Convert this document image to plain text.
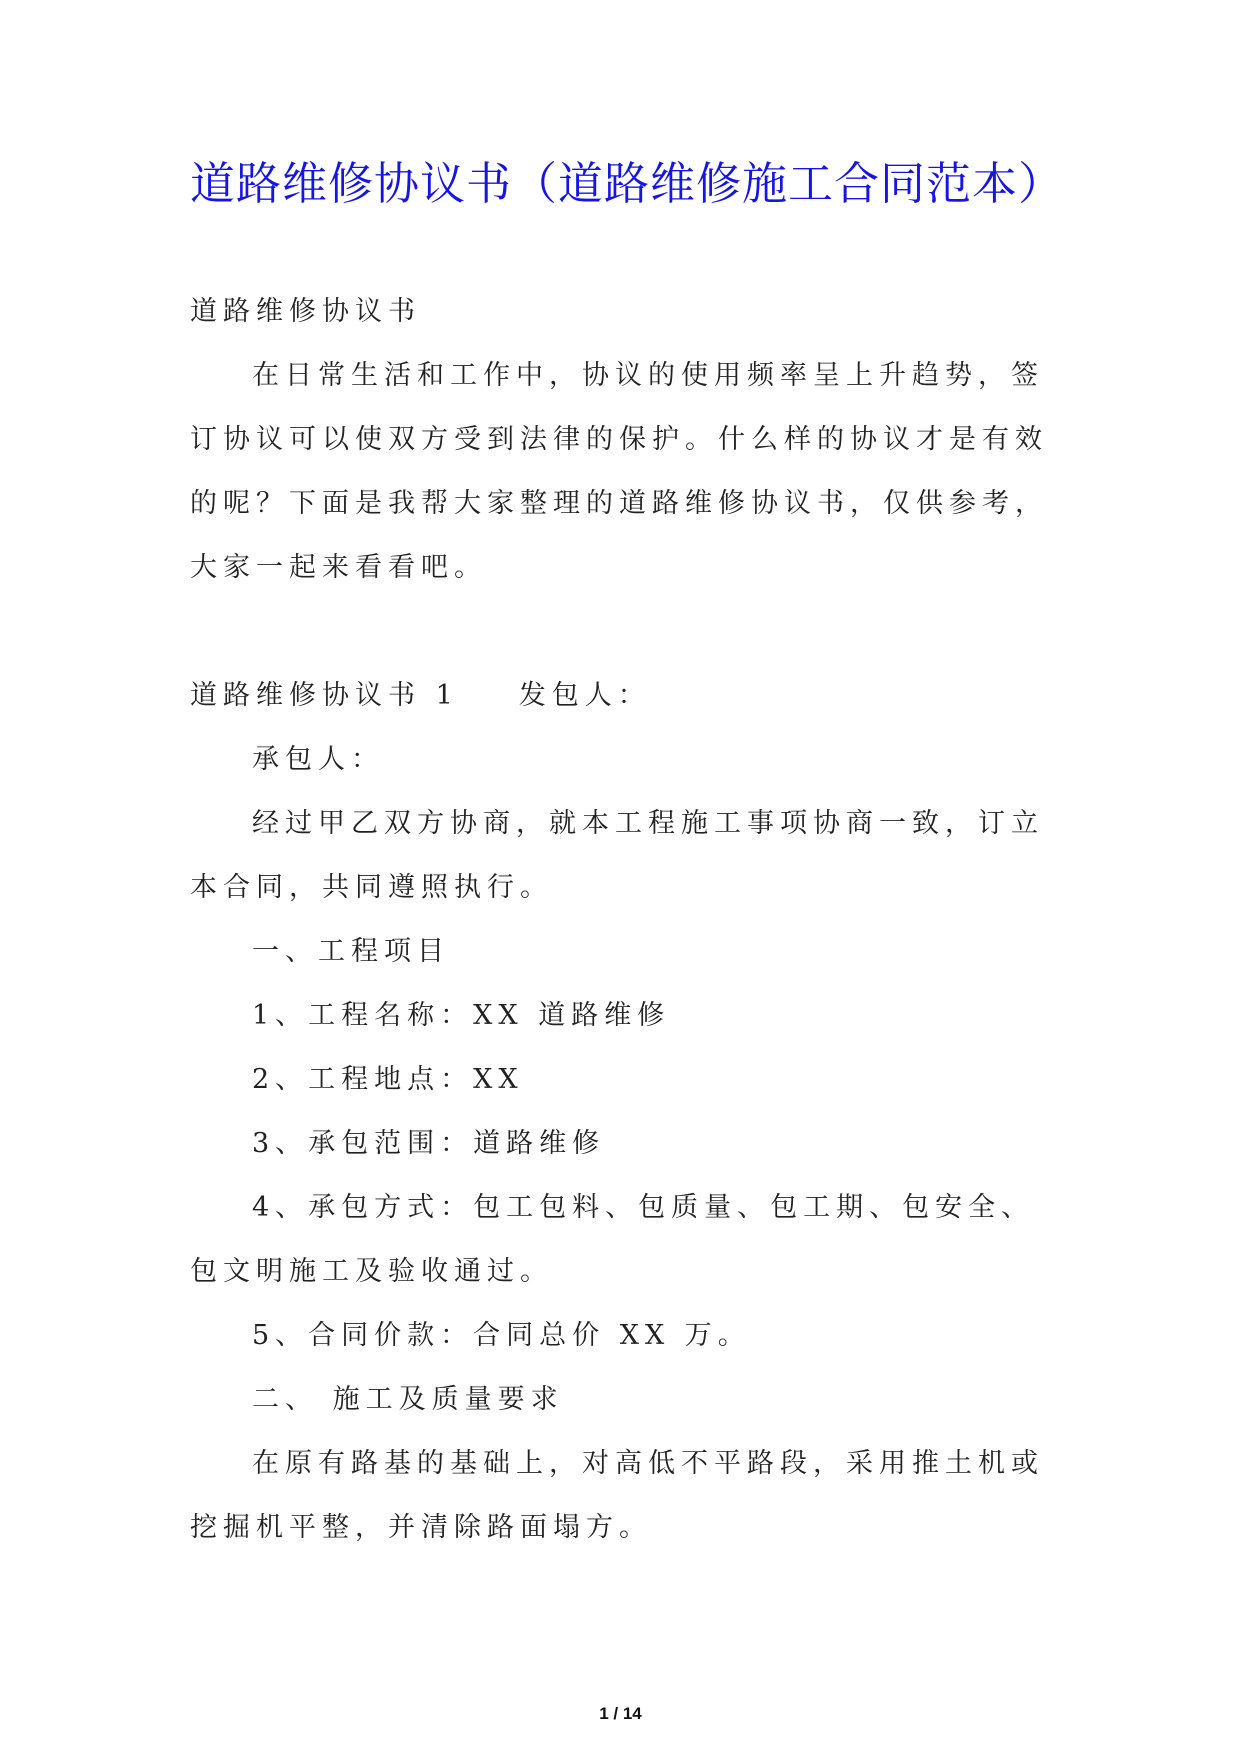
道路维修协议书（道路维修施工合同范本）

道路维修协议书

在日常生活和工作中，协议的使用频率呈上升趋势，签订协议可以使双方受到法律的保护。什么样的协议才是有效的呢？下面是我帮大家整理的道路维修协议书，仅供参考，大家一起来看看吧。

道路维修协议书 1 发包人：

承包人：

经过甲乙双方协商，就本工程施工事项协商一致，订立本合同，共同遵照执行。

一、工程项目

1、工程名称：XX 道路维修

2、工程地点：XX

3、承包范围：道路维修

4、承包方式：包工包料、包质量、包工期、包安全、包文明施工及验收通过。

5、合同价款：合同总价 XX 万。

二、 施工及质量要求

在原有路基的基础上，对高低不平路段，采用推土机或挖掘机平整，并清除路面塌方。

1 / 14
